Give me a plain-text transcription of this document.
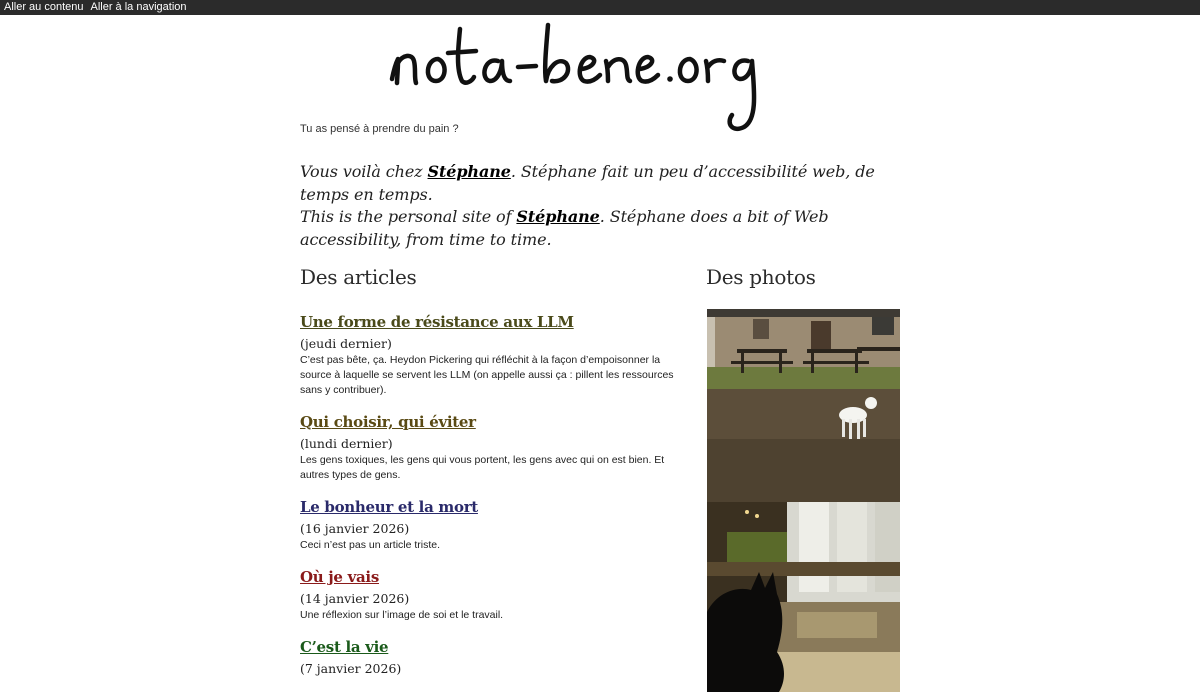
Aller au contenu Aller à la navigation
Tu as pensé à prendre du pain ?

Vous voilà chez Stéphane. Stéphane fait un peu d’accessibilité web, de temps en temps.

This is the personal site of Stéphane. Stéphane does a bit of Web accessibility, from time to time.

Des articles	Des photos
Une forme de résistance aux LLM
(jeudi dernier)
C’est pas bête, ça. Heydon Pickering qui réfléchit à la façon d’empoisonner la source à laquelle se servent les LLM (on appelle aussi ça : pillent les ressources sans y contribuer).
Qui choisir, qui éviter
(lundi dernier)
Les gens toxiques, les gens qui vous portent, les gens avec qui on est bien. Et autres types de gens.
Le bonheur et la mort
(16 janvier 2026)
Ceci n’est pas un article triste.
Où je vais
(14 janvier 2026)
Une réflexion sur l’image de soi et le travail.
C’est la vie
(7 janvier 2026)
